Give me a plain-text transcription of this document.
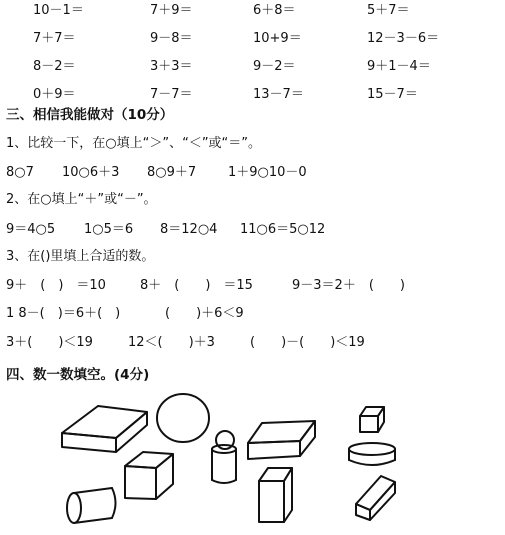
10－1＝	7＋9＝	6＋8＝	5＋7＝
7＋7＝	9－8＝	10+9＝	12－3－6＝
8－2＝	3＋3＝	9－2＝	9＋1－4＝
0＋9＝	7－7＝	13－7＝	15－7＝
三、相信我能做对（10分）
1、比较一下，在○填上“＞”、“＜”或“＝”。
8○7 10○6＋3 8○9＋7 1＋9○10－0
2、在○填上“＋”或“－”。
9＝4○5 1○5＝6 8＝12○4 11○6＝5○12
3、在()里填上合适的数。
9＋　(　)　＝10	8＋　(　　)　＝15	9－3＝2＋　(　　)
1 8－(　)＝6＋(　)	(　　)＋6＜9
3＋(　　)＜19	12＜(　　)＋3	(　　)－(　　)＜19
四、数一数填空。(4分)
